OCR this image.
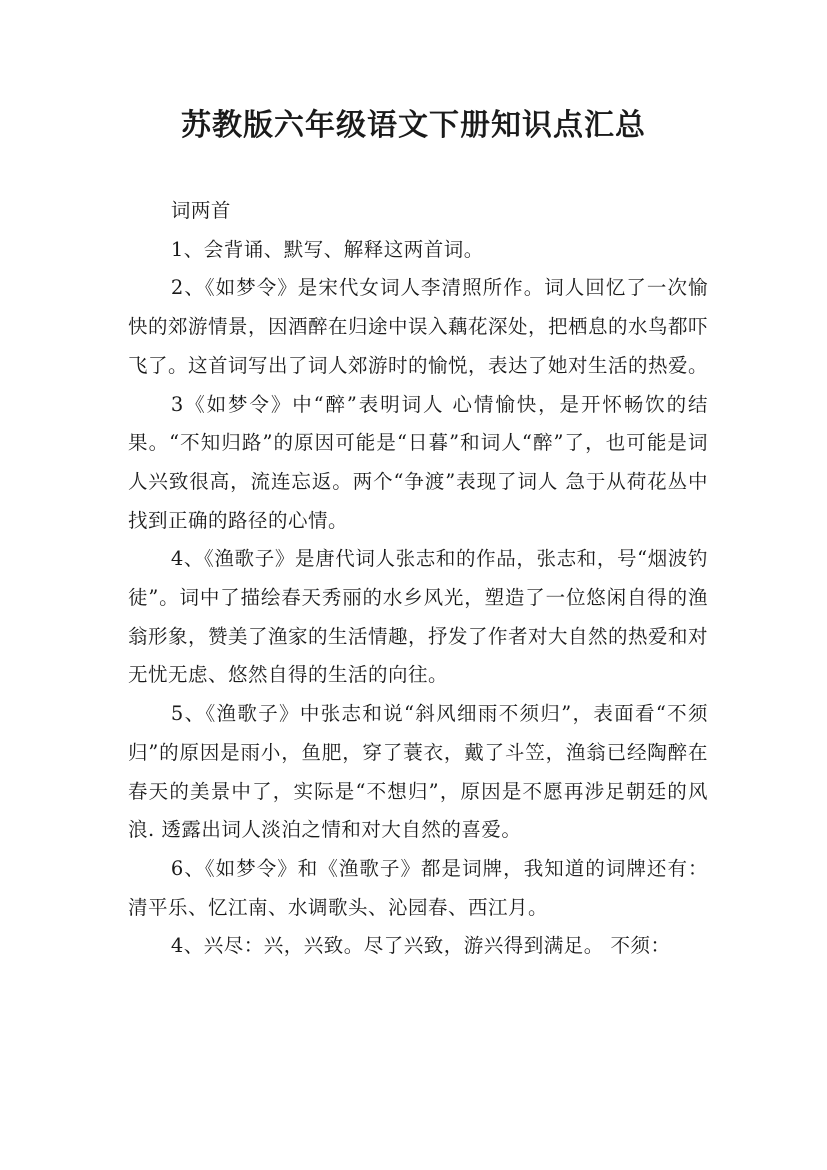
苏教版六年级语文下册知识点汇总

词两首

1、会背诵、默写、解释这两首词。

2、《如梦令》是宋代女词人李清照所作。词人回忆了一次愉快的郊游情景，因酒醉在归途中误入藕花深处，把栖息的水鸟都吓飞了。这首词写出了词人郊游时的愉悦，表达了她对生活的热爱。

3《如梦令》中“醉”表明词人 心情愉快，是开怀畅饮的结果。“不知归路”的原因可能是“日暮”和词人“醉”了，也可能是词人兴致很高，流连忘返。两个“争渡”表现了词人 急于从荷花丛中找到正确的路径的心情。

4、《渔歌子》是唐代词人张志和的作品，张志和，号“烟波钓徒”。词中了描绘春天秀丽的水乡风光，塑造了一位悠闲自得的渔翁形象，赞美了渔家的生活情趣，抒发了作者对大自然的热爱和对无忧无虑、悠然自得的生活的向往。

5、《渔歌子》中张志和说“斜风细雨不须归”，表面看“不须归”的原因是雨小，鱼肥，穿了蓑衣，戴了斗笠，渔翁已经陶醉在春天的美景中了，实际是“不想归”，原因是不愿再涉足朝廷的风浪. 透露出词人淡泊之情和对大自然的喜爱。

6、《如梦令》和《渔歌子》都是词牌，我知道的词牌还有：清平乐、忆江南、水调歌头、沁园春、西江月。

4、兴尽：兴，兴致。尽了兴致，游兴得到满足。 不须：
